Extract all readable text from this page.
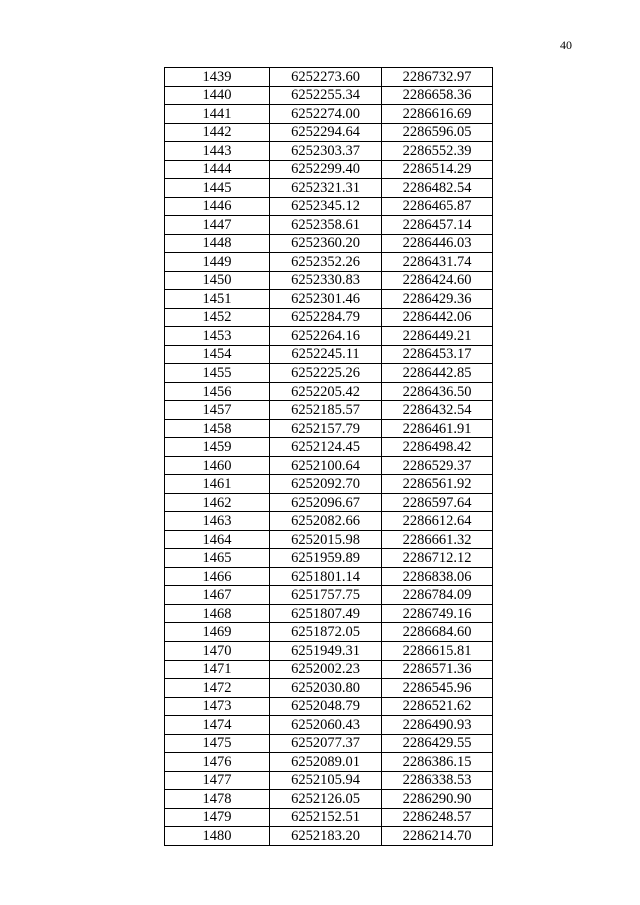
40
1439	6252273.60	2286732.97
1440	6252255.34	2286658.36
1441	6252274.00	2286616.69
1442	6252294.64	2286596.05
1443	6252303.37	2286552.39
1444	6252299.40	2286514.29
1445	6252321.31	2286482.54
1446	6252345.12	2286465.87
1447	6252358.61	2286457.14
1448	6252360.20	2286446.03
1449	6252352.26	2286431.74
1450	6252330.83	2286424.60
1451	6252301.46	2286429.36
1452	6252284.79	2286442.06
1453	6252264.16	2286449.21
1454	6252245.11	2286453.17
1455	6252225.26	2286442.85
1456	6252205.42	2286436.50
1457	6252185.57	2286432.54
1458	6252157.79	2286461.91
1459	6252124.45	2286498.42
1460	6252100.64	2286529.37
1461	6252092.70	2286561.92
1462	6252096.67	2286597.64
1463	6252082.66	2286612.64
1464	6252015.98	2286661.32
1465	6251959.89	2286712.12
1466	6251801.14	2286838.06
1467	6251757.75	2286784.09
1468	6251807.49	2286749.16
1469	6251872.05	2286684.60
1470	6251949.31	2286615.81
1471	6252002.23	2286571.36
1472	6252030.80	2286545.96
1473	6252048.79	2286521.62
1474	6252060.43	2286490.93
1475	6252077.37	2286429.55
1476	6252089.01	2286386.15
1477	6252105.94	2286338.53
1478	6252126.05	2286290.90
1479	6252152.51	2286248.57
1480	6252183.20	2286214.70
